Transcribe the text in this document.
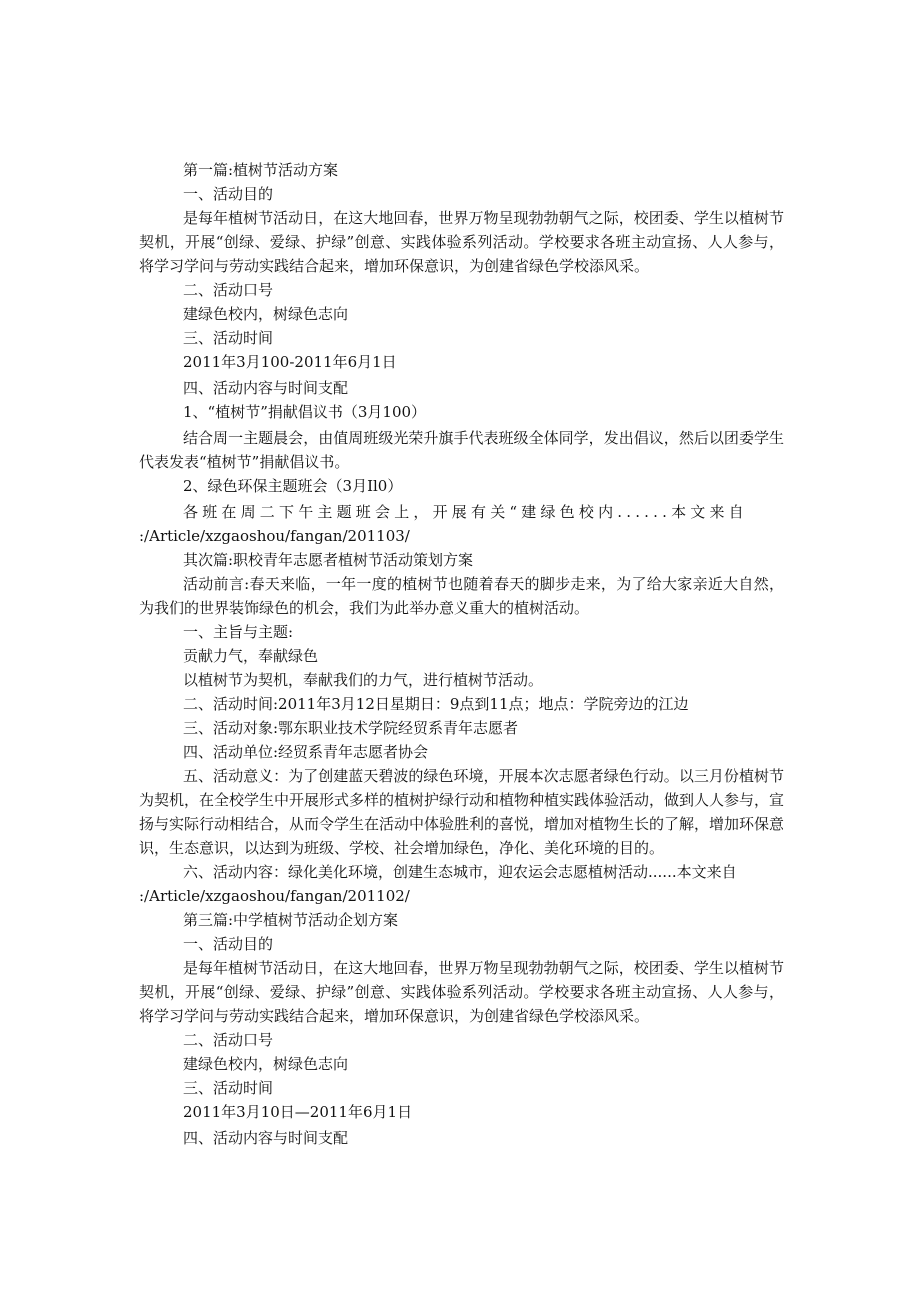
第一篇:植树节活动方案
一、活动目的

是每年植树节活动日，在这大地回春，世界万物呈现勃勃朝气之际，校团委、学生以植树节契机，开展“创绿、爱绿、护绿”创意、实践体验系列活动。学校要求各班主动宣扬、人人参与，将学习学问与劳动实践结合起来，增加环保意识，为创建省绿色学校添风采。

二、活动口号
建绿色校内，树绿色志向
三、活动时间
2011年3月100-2011年6月1日
四、活动内容与时间支配
1、“植树节”捐献倡议书（3月100）

结合周一主题晨会，由值周班级光荣升旗手代表班级全体同学，发出倡议，然后以团委学生代表发表“植树节”捐献倡议书。

2、绿色环保主题班会（3月Il0）
各班在周二下午主题班会上，开展有关“建绿色校内......本文来自
:/Article/xzgaoshou/fangan/201103/
其次篇:职校青年志愿者植树节活动策划方案

活动前言:春天来临，一年一度的植树节也随着春天的脚步走来，为了给大家亲近大自然，为我们的世界装饰绿色的机会，我们为此举办意义重大的植树活动。

一、主旨与主题:
贡献力气，奉献绿色
以植树节为契机，奉献我们的力气，进行植树节活动。
二、活动时间:2011年3月12日星期日：9点到11点；地点：学院旁边的江边
三、活动对象:鄂东职业技术学院经贸系青年志愿者
四、活动单位:经贸系青年志愿者协会

五、活动意义：为了创建蓝天碧波的绿色环境，开展本次志愿者绿色行动。以三月份植树节为契机，在全校学生中开展形式多样的植树护绿行动和植物种植实践体验活动，做到人人参与，宣扬与实际行动相结合，从而令学生在活动中体验胜利的喜悦，增加对植物生长的了解，增加环保意识，生态意识，以达到为班级、学校、社会增加绿色，净化、美化环境的目的。

六、活动内容：绿化美化环境，创建生态城市，迎农运会志愿植树活动......本文来自
:/Article/xzgaoshou/fangan/201102/
第三篇:中学植树节活动企划方案
一、活动目的

是每年植树节活动日，在这大地回春，世界万物呈现勃勃朝气之际，校团委、学生以植树节契机，开展“创绿、爱绿、护绿”创意、实践体验系列活动。学校要求各班主动宣扬、人人参与，将学习学问与劳动实践结合起来，增加环保意识，为创建省绿色学校添风采。

二、活动口号
建绿色校内，树绿色志向
三、活动时间
2011年3月10日—2011年6月1日
四、活动内容与时间支配
